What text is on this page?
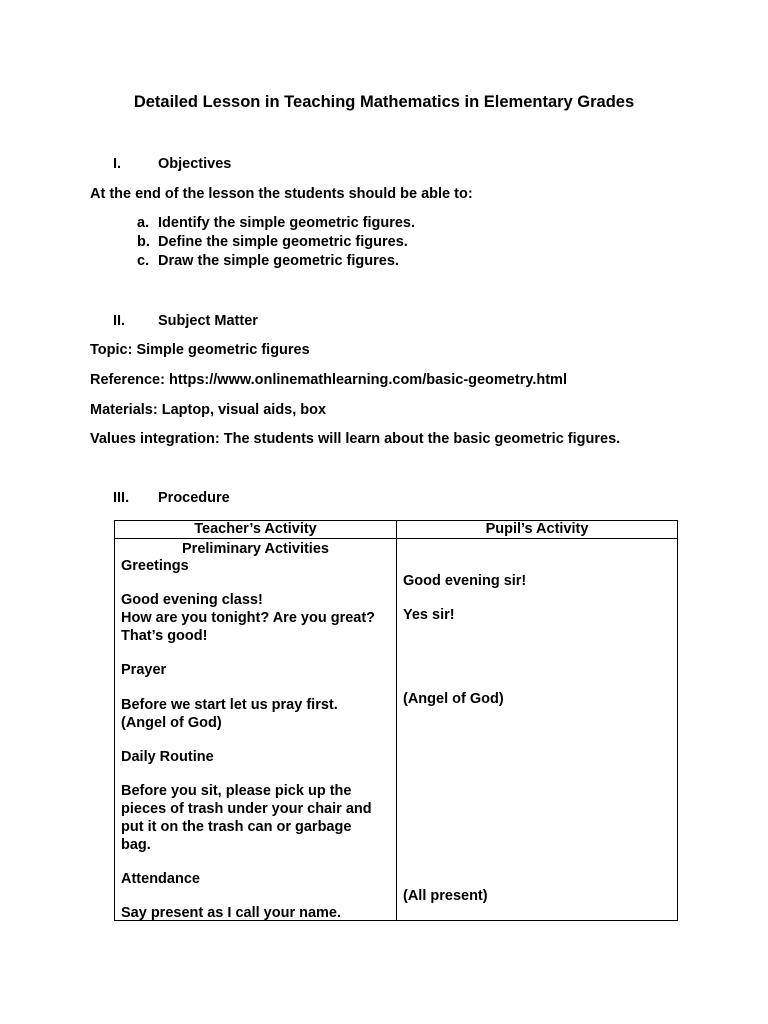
Detailed Lesson in Teaching Mathematics in Elementary Grades
I.	Objectives
At the end of the lesson the students should be able to:
a. Identify the simple geometric figures.
b. Define the simple geometric figures.
c. Draw the simple geometric figures.
II. Subject Matter
Topic: Simple geometric figures
Reference: https://www.onlinemathlearning.com/basic-geometry.html
Materials: Laptop, visual aids, box
Values integration: The students will learn about the basic geometric figures.
III. Procedure
Teacher’s Activity	Pupil’s Activity
Preliminary Activities
Greetings
Good evening class!
How are you tonight? Are you great?
That’s good!
Prayer
Before we start let us pray first.
(Angel of God)
Daily Routine
Before you sit, please pick up the
pieces of trash under your chair and
put it on the trash can or garbage
bag.
Attendance
Say present as I call your name.
Good evening sir!
Yes sir!
(Angel of God)
(All present)
